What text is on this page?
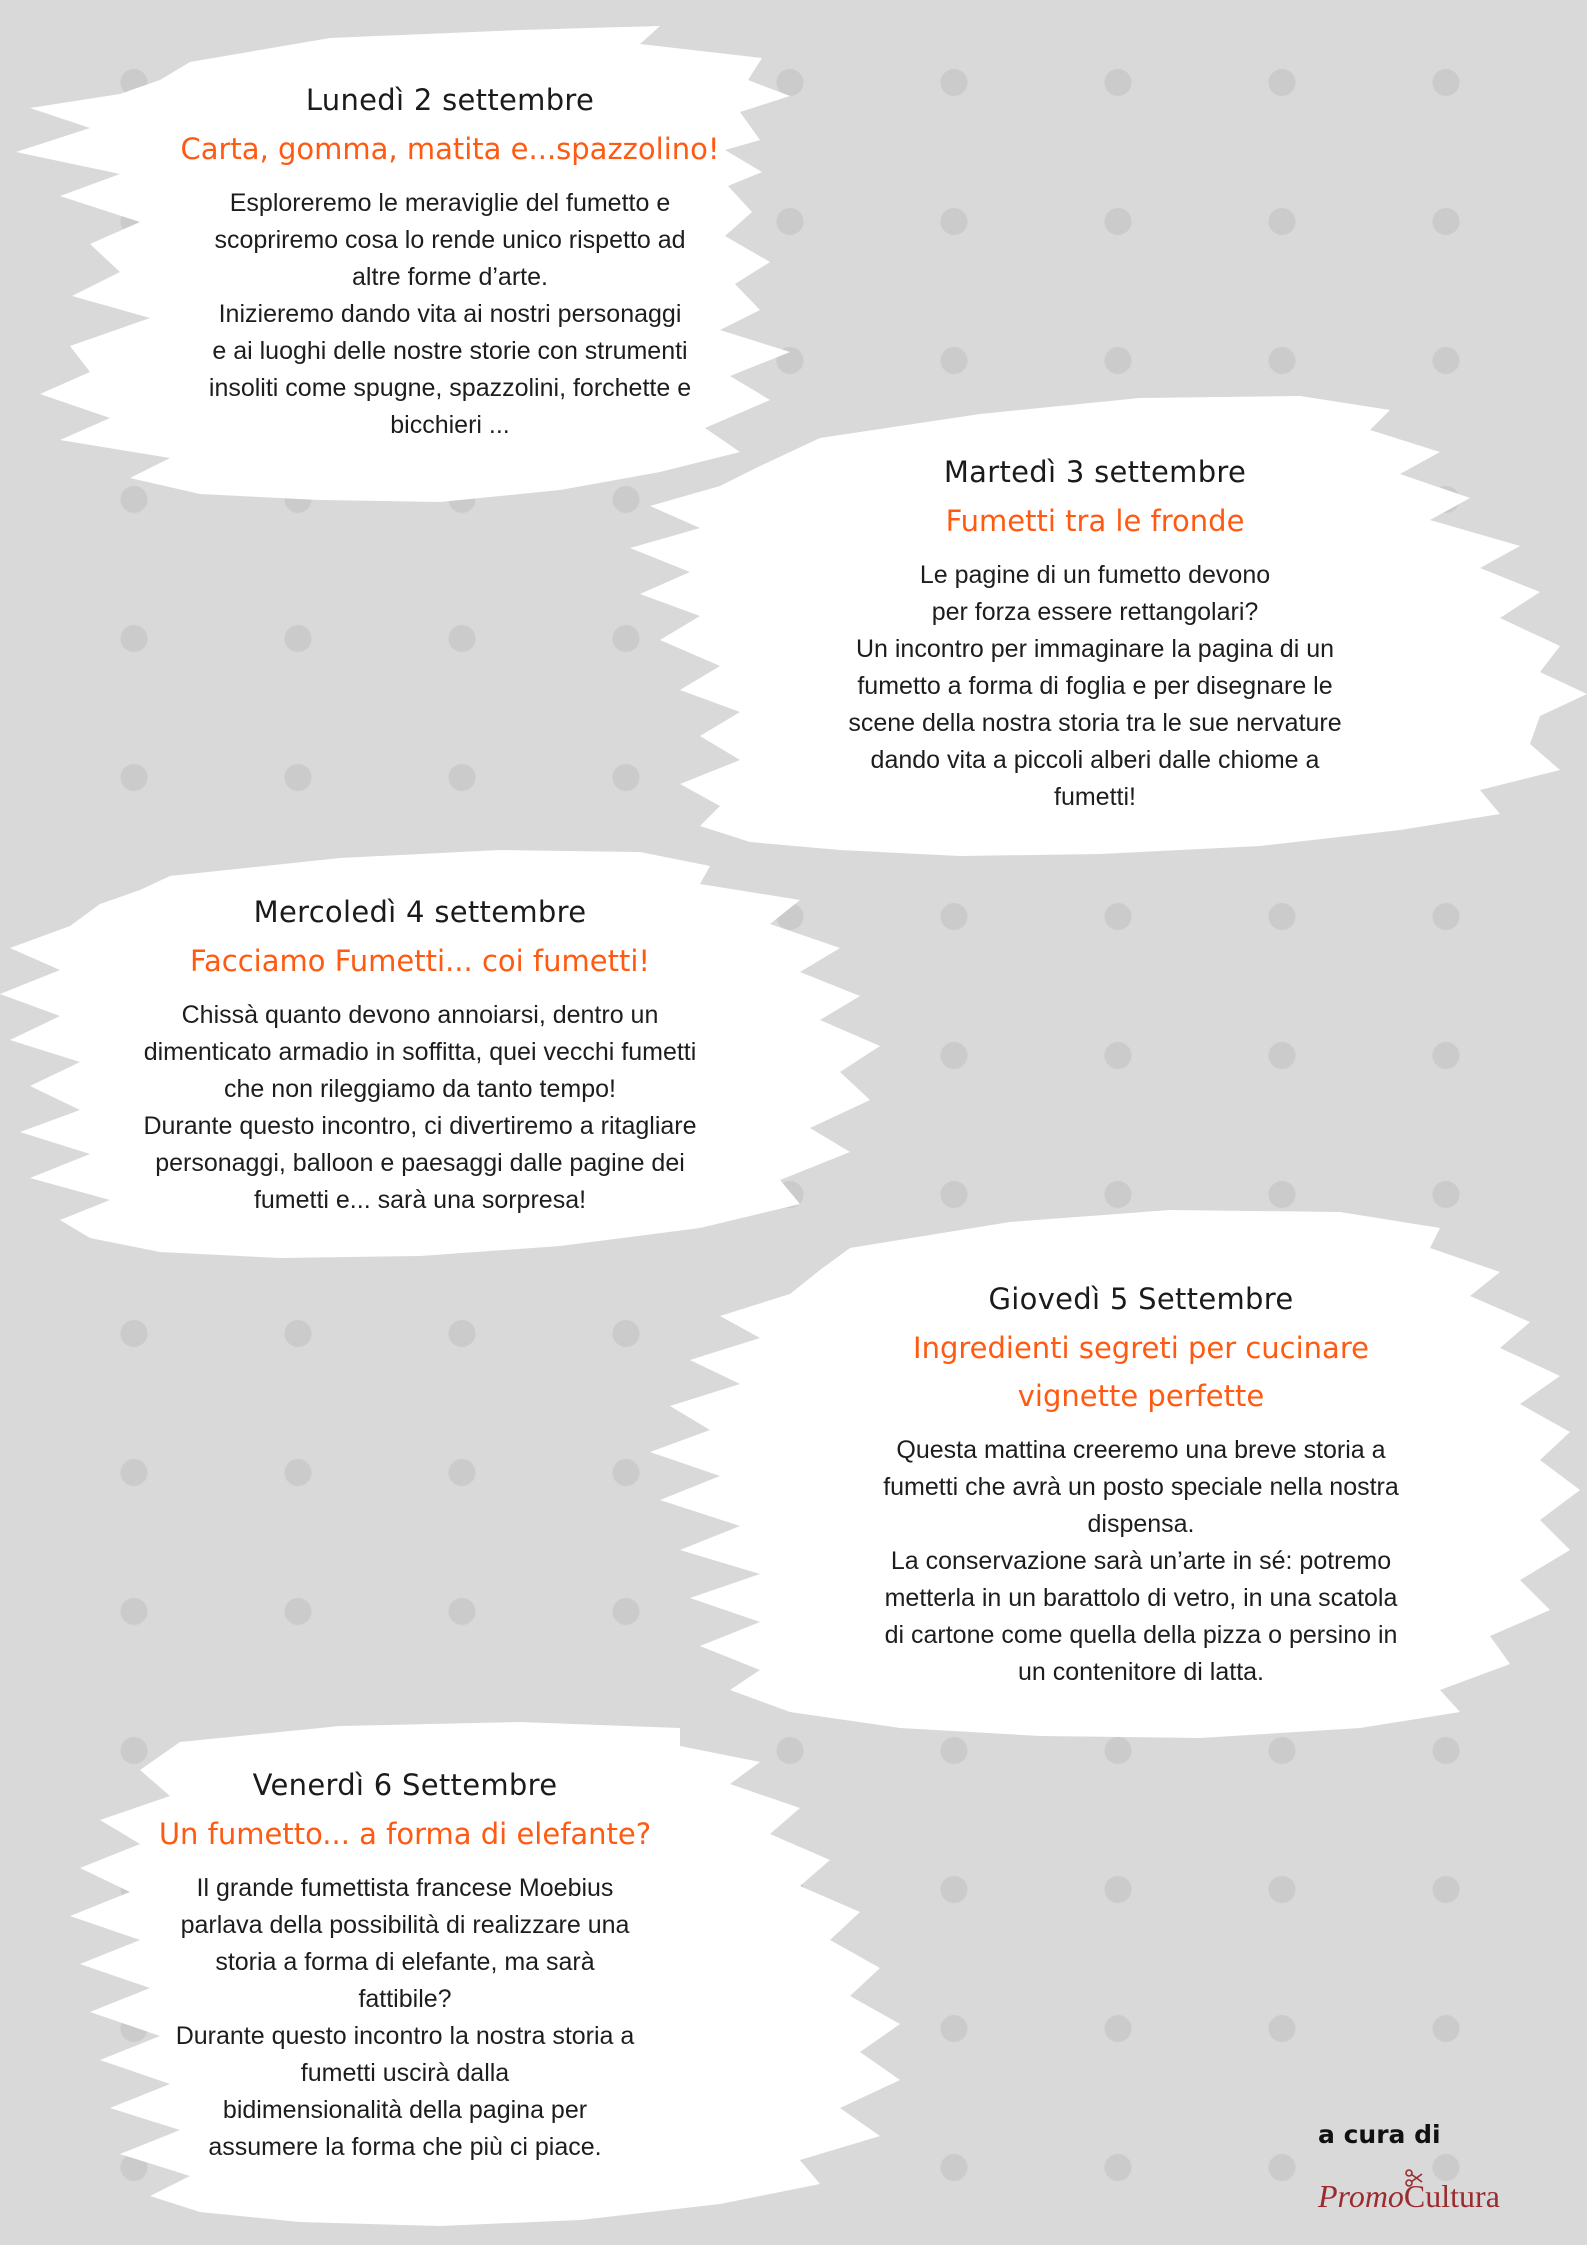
Lunedì 2 settembre
Carta, gomma, matita e...spazzolino!
Esploreremo le meraviglie del fumetto e
scopriremo cosa lo rende unico rispetto ad
altre forme d’arte.
Inizieremo dando vita ai nostri personaggi
e ai luoghi delle nostre storie con strumenti
insoliti come spugne, spazzolini, forchette e
bicchieri ...
Martedì 3 settembre
Fumetti tra le fronde
Le pagine di un fumetto devono
per forza essere rettangolari?
Un incontro per immaginare la pagina di un
fumetto a forma di foglia e per disegnare le
scene della nostra storia tra le sue nervature
dando vita a piccoli alberi dalle chiome a
fumetti!
Mercoledì 4 settembre
Facciamo Fumetti... coi fumetti!
Chissà quanto devono annoiarsi, dentro un
dimenticato armadio in soffitta, quei vecchi fumetti
che non rileggiamo da tanto tempo!
Durante questo incontro, ci divertiremo a ritagliare
personaggi, balloon e paesaggi dalle pagine dei
fumetti e... sarà una sorpresa!
Giovedì 5 Settembre
Ingredienti segreti per cucinare
vignette perfette
Questa mattina creeremo una breve storia a
fumetti che avrà un posto speciale nella nostra
dispensa.
La conservazione sarà un’arte in sé: potremo
metterla in un barattolo di vetro, in una scatola
di cartone come quella della pizza o persino in
un contenitore di latta.
Venerdì 6 Settembre
Un fumetto... a forma di elefante?
Il grande fumettista francese Moebius
parlava della possibilità di realizzare una
storia a forma di elefante, ma sarà
fattibile?
Durante questo incontro la nostra storia a
fumetti uscirà dalla
bidimensionalità della pagina per
assumere la forma che più ci piace.	a cura di
PromoCultura
